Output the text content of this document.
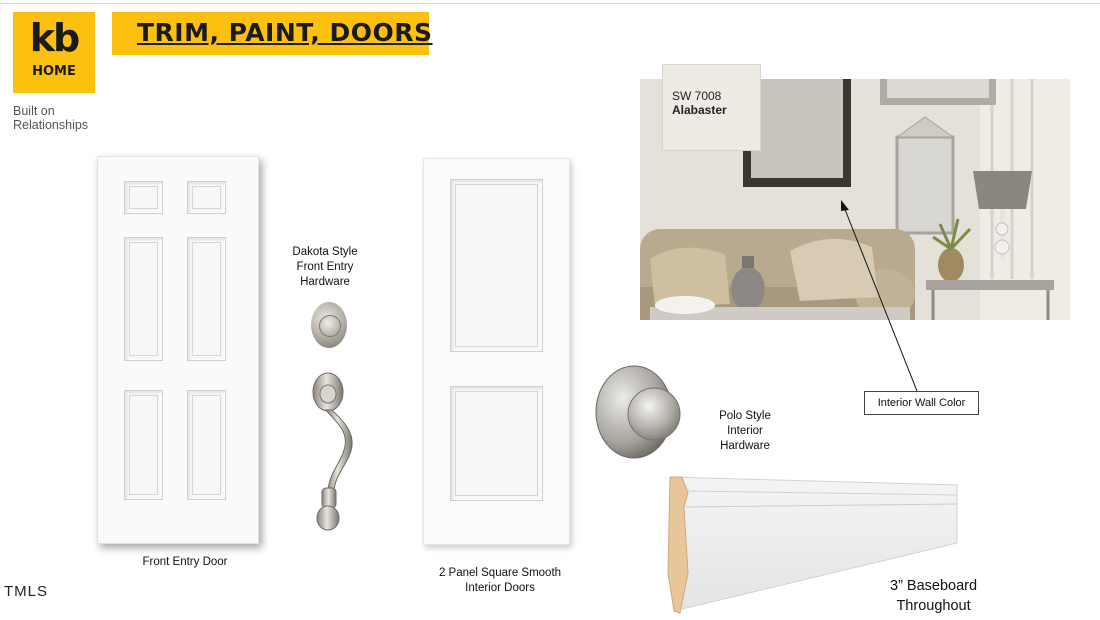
kb
HOME
Built on
Relationships
TRIM, PAINT, DOORS
Front Entry Door
Dakota Style
Front Entry
Hardware
2 Panel Square Smooth
Interior Doors
Polo Style
Interior
Hardware
SW 7008
Alabaster
Interior Wall Color
3” Baseboard
Throughout
TMLS
